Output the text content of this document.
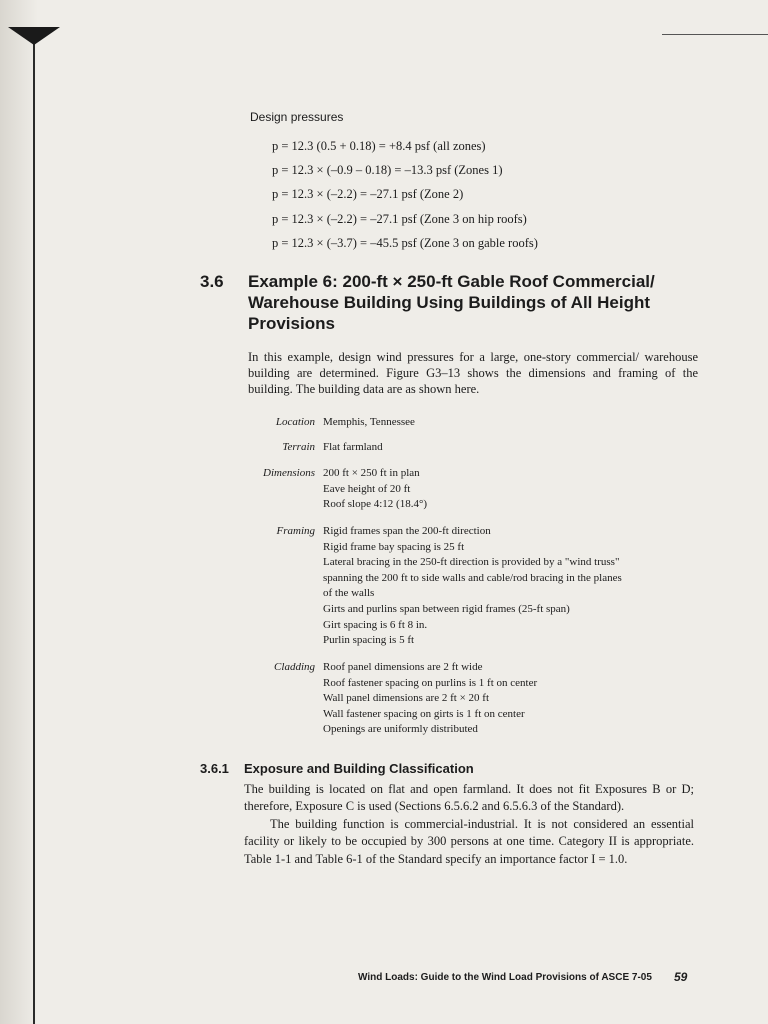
Design pressures
p = 12.3 (0.5 + 0.18) = +8.4 psf (all zones)
p = 12.3 × (–0.9 – 0.18) = –13.3 psf (Zones 1)
p = 12.3 × (–2.2) = –27.1 psf (Zone 2)
p = 12.3 × (–2.2) = –27.1 psf (Zone 3 on hip roofs)
p = 12.3 × (–3.7) = –45.5 psf (Zone 3 on gable roofs)
3.6 Example 6: 200-ft × 250-ft Gable Roof Commercial/ Warehouse Building Using Buildings of All Height Provisions
In this example, design wind pressures for a large, one-story commercial/ warehouse building are determined. Figure G3–13 shows the dimensions and framing of the building. The building data are as shown here.
Location Memphis, Tennessee
Terrain Flat farmland
Dimensions 200 ft × 250 ft in plan
Eave height of 20 ft
Roof slope 4:12 (18.4°)
Framing Rigid frames span the 200-ft direction
Rigid frame bay spacing is 25 ft
Lateral bracing in the 250-ft direction is provided by a "wind truss"
spanning the 200 ft to side walls and cable/rod bracing in the planes
of the walls
Girts and purlins span between rigid frames (25-ft span)
Girt spacing is 6 ft 8 in.
Purlin spacing is 5 ft
Cladding Roof panel dimensions are 2 ft wide
Roof fastener spacing on purlins is 1 ft on center
Wall panel dimensions are 2 ft × 20 ft
Wall fastener spacing on girts is 1 ft on center
Openings are uniformly distributed
3.6.1 Exposure and Building Classification

The building is located on flat and open farmland. It does not fit Exposures B or D; therefore, Exposure C is used (Sections 6.5.6.2 and 6.5.6.3 of the Standard).

The building function is commercial-industrial. It is not considered an essential facility or likely to be occupied by 300 persons at one time. Category II is appropriate. Table 1-1 and Table 6-1 of the Standard specify an importance factor I = 1.0.

Wind Loads: Guide to the Wind Load Provisions of ASCE 7-05 59
